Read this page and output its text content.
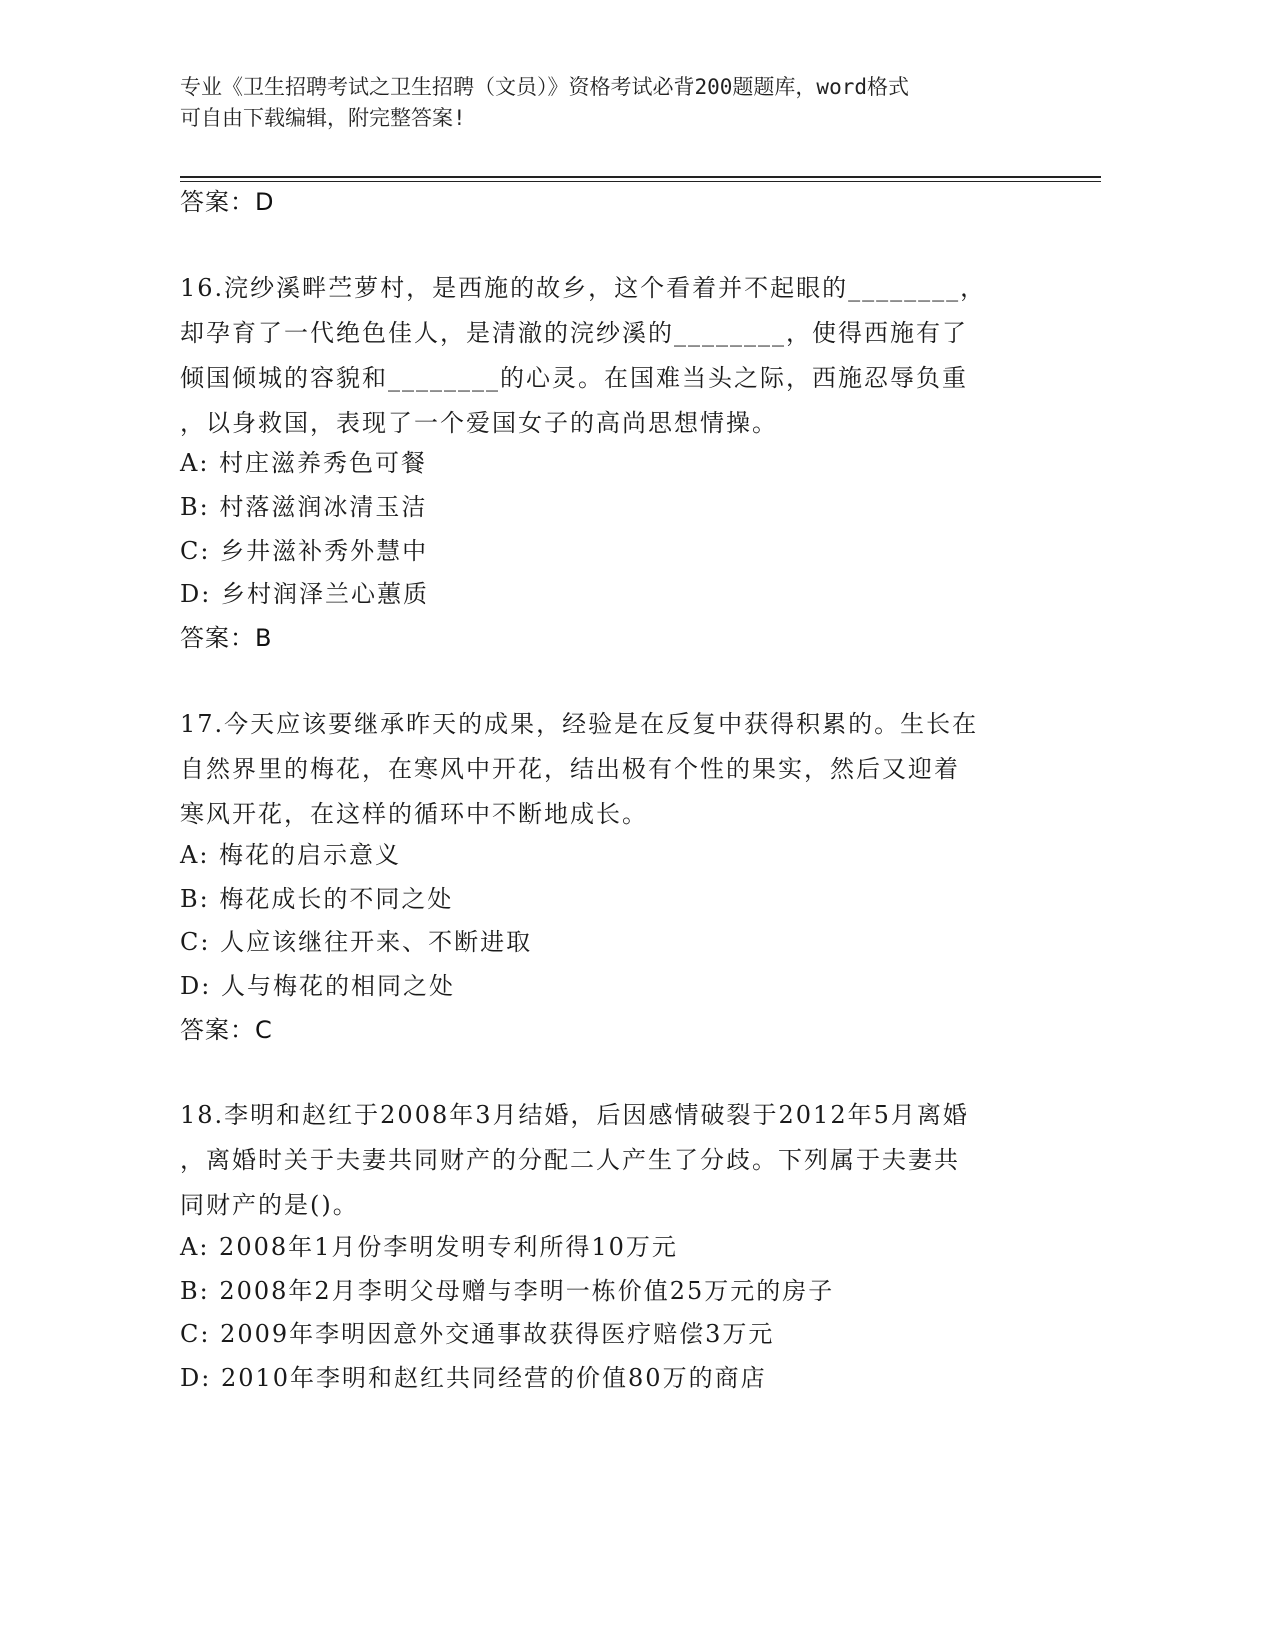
专业《卫生招聘考试之卫生招聘（文员）》资格考试必背200题题库，word格式
可自由下载编辑，附完整答案!
答案：D
16.浣纱溪畔苎萝村，是西施的故乡，这个看着并不起眼的________，
却孕育了一代绝色佳人，是清澈的浣纱溪的________，使得西施有了
倾国倾城的容貌和________的心灵。在国难当头之际，西施忍辱负重
，以身救国，表现了一个爱国女子的高尚思想情操。
A: 村庄滋养秀色可餐
B: 村落滋润冰清玉洁
C: 乡井滋补秀外慧中
D: 乡村润泽兰心蕙质
答案：B
17.今天应该要继承昨天的成果，经验是在反复中获得积累的。生长在
自然界里的梅花，在寒风中开花，结出极有个性的果实，然后又迎着
寒风开花，在这样的循环中不断地成长。
A: 梅花的启示意义
B: 梅花成长的不同之处
C: 人应该继往开来、不断进取
D: 人与梅花的相同之处
答案：C
18.李明和赵红于2008年3月结婚，后因感情破裂于2012年5月离婚
，离婚时关于夫妻共同财产的分配二人产生了分歧。下列属于夫妻共
同财产的是()。
A: 2008年1月份李明发明专利所得10万元
B: 2008年2月李明父母赠与李明一栋价值25万元的房子
C: 2009年李明因意外交通事故获得医疗赔偿3万元
D: 2010年李明和赵红共同经营的价值80万的商店
